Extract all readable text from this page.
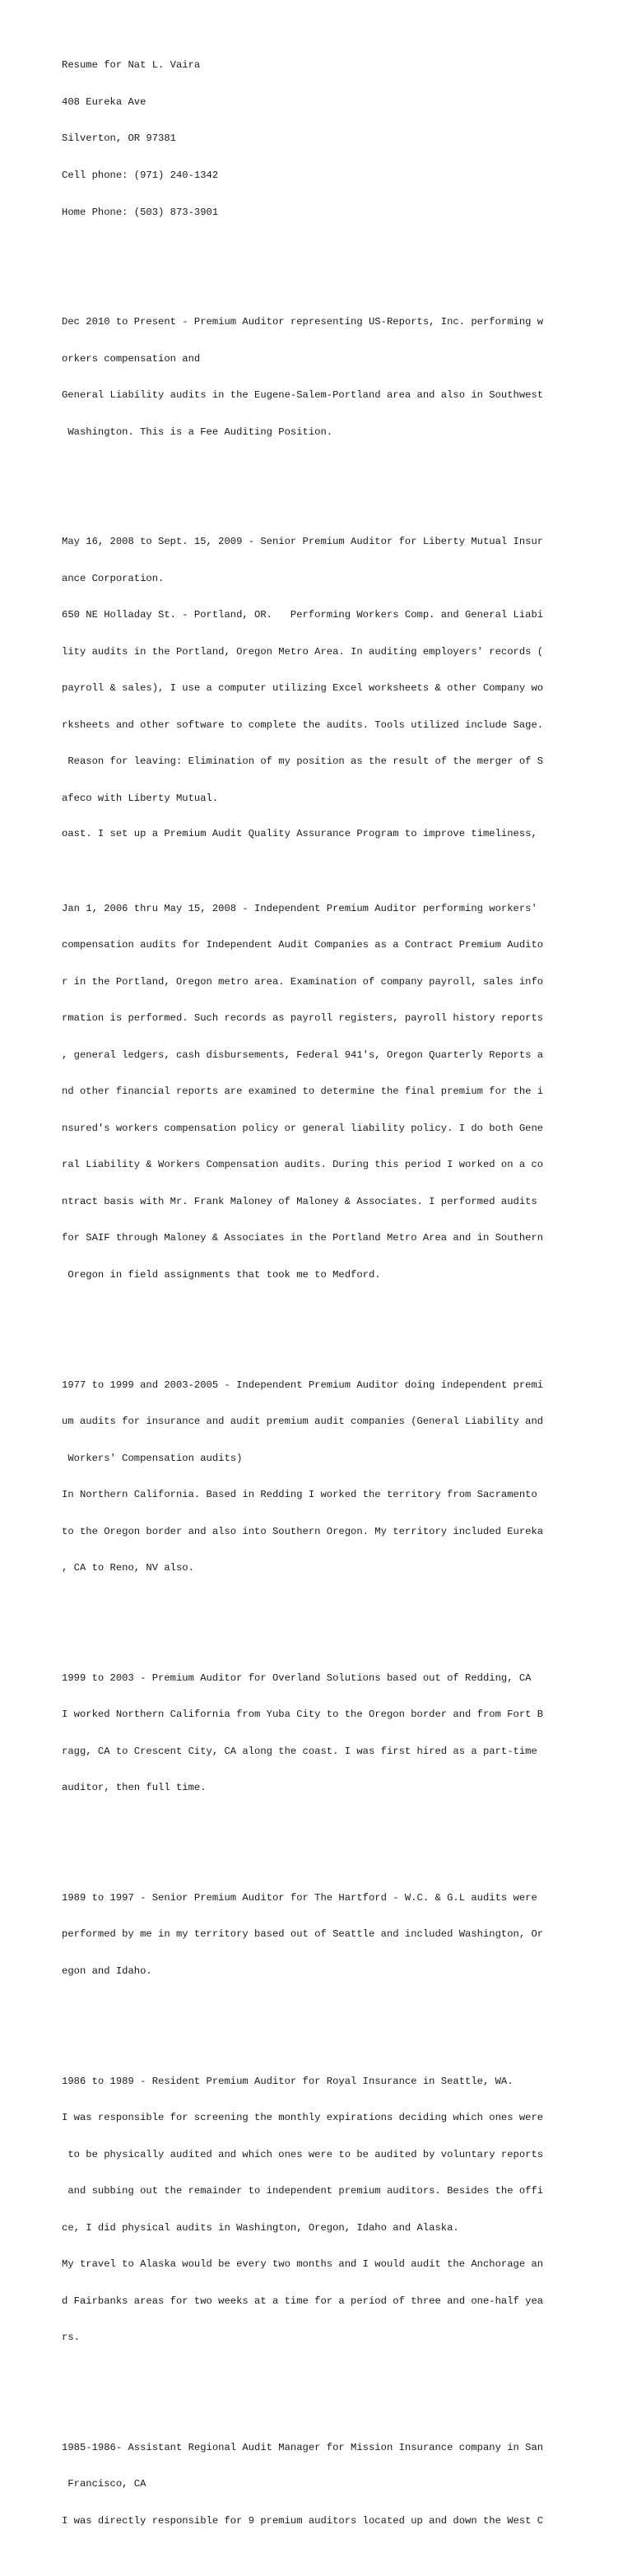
Resume for Nat L. Vaira

408 Eureka Ave

Silverton, OR 97381

Cell phone: (971) 240-1342

Home Phone: (503) 873-3901

Dec 2010 to Present - Premium Auditor representing US-Reports, Inc. performing w

orkers compensation and

General Liability audits in the Eugene-Salem-Portland area and also in Southwest

Washington. This is a Fee Auditing Position.

May 16, 2008 to Sept. 15, 2009 - Senior Premium Auditor for Liberty Mutual Insur

ance Corporation.

650 NE Holladay St. - Portland, OR.   Performing Workers Comp. and General Liabi

lity audits in the Portland, Oregon Metro Area. In auditing employers' records (

payroll & sales), I use a computer utilizing Excel worksheets & other Company wo

rksheets and other software to complete the audits. Tools utilized include Sage.

Reason for leaving: Elimination of my position as the result of the merger of S

afeco with Liberty Mutual.

Jan 1, 2006 thru May 15, 2008 - Independent Premium Auditor performing workers'

compensation audits for Independent Audit Companies as a Contract Premium Audito

r in the Portland, Oregon metro area. Examination of company payroll, sales info

rmation is performed. Such records as payroll registers, payroll history reports

, general ledgers, cash disbursements, Federal 941's, Oregon Quarterly Reports a

nd other financial reports are examined to determine the final premium for the i

nsured's workers compensation policy or general liability policy. I do both Gene

ral Liability & Workers Compensation audits. During this period I worked on a co

ntract basis with Mr. Frank Maloney of Maloney & Associates. I performed audits

for SAIF through Maloney & Associates in the Portland Metro Area and in Southern

Oregon in field assignments that took me to Medford.

1977 to 1999 and 2003-2005 - Independent Premium Auditor doing independent premi

um audits for insurance and audit premium audit companies (General Liability and

Workers' Compensation audits)

In Northern California. Based in Redding I worked the territory from Sacramento

to the Oregon border and also into Southern Oregon. My territory included Eureka

, CA to Reno, NV also.

1999 to 2003 - Premium Auditor for Overland Solutions based out of Redding, CA

I worked Northern California from Yuba City to the Oregon border and from Fort B

ragg, CA to Crescent City, CA along the coast. I was first hired as a part-time

auditor, then full time.

1989 to 1997 - Senior Premium Auditor for The Hartford - W.C. & G.L audits were

performed by me in my territory based out of Seattle and included Washington, Or

egon and Idaho.

1986 to 1989 - Resident Premium Auditor for Royal Insurance in Seattle, WA.

I was responsible for screening the monthly expirations deciding which ones were

to be physically audited and which ones were to be audited by voluntary reports

and subbing out the remainder to independent premium auditors. Besides the offi

ce, I did physical audits in Washington, Oregon, Idaho and Alaska.

My travel to Alaska would be every two months and I would audit the Anchorage an

d Fairbanks areas for two weeks at a time for a period of three and one-half yea

rs.

1985-1986- Assistant Regional Audit Manager for Mission Insurance company in San

Francisco, CA

I was directly responsible for 9 premium auditors located up and down the West C

oast. I set up a Premium Audit Quality Assurance Program to improve timeliness,
